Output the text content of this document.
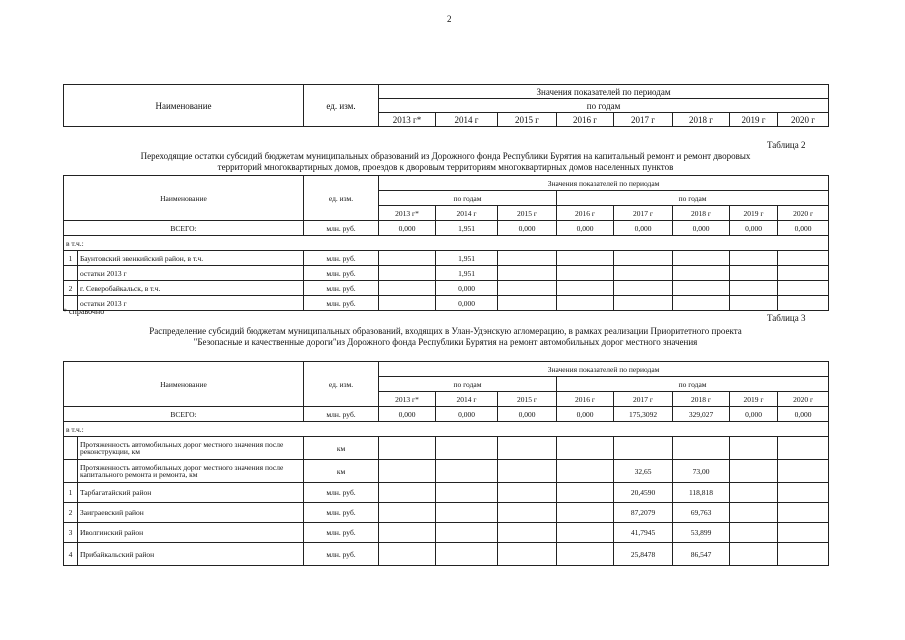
2
Наименование	ед. изм.	Значения показателей по периодам							
		по годам							
		2013 г*	2014 г	2015 г	2016 г	2017 г	2018 г	2019 г	2020 г
Таблица 2
Переходящие остатки субсидий бюджетам муниципальных образований из Дорожного фонда Республики Бурятия на капитальный ремонт и ремонт дворовых
территорий многоквартирных домов, проездов к дворовым территориям многоквартирных домов населенных пунктов
Наименование		ед. изм.	Значения показателей по периодам							
			по годам			по годам				
			2013 г*	2014 г	2015 г	2016 г	2017 г	2018 г	2019 г	2020 г
ВСЕГО:		млн. руб.	0,000	1,951	0,000	0,000	0,000	0,000	0,000	0,000
в т.ч.:										
1	Баунтовский эвенкийский район, в т.ч.	млн. руб.		1,951						
	остатки 2013 г	млн. руб.		1,951						
2	г. Северобайкальск, в т.ч.	млн. руб.		0,000						
	остатки 2013 г	млн. руб.		0,000						
* справочно
Таблица 3
Распределение субсидий бюджетам муниципальных образований, входящих в Улан-Удэнскую агломерацию, в рамках реализации Приоритетного проекта
"Безопасные и качественные дороги"из Дорожного фонда Республики Бурятия на ремонт автомобильных дорог местного значения
Наименование		ед. изм.	Значения показателей по периодам							
			по годам			по годам				
			2013 г*	2014 г	2015 г	2016 г	2017 г	2018 г	2019 г	2020 г
ВСЕГО:		млн. руб.	0,000	0,000	0,000	0,000	175,3092	329,027	0,000	0,000
в т.ч.:										
	Протяженность автомобильных дорог местного значения после реконструкции, км	км								
	Протяженность автомобильных дорог местного значения после капитального ремонта и ремонта, км	км					32,65	73,00		
1	Тарбагатайский район	млн. руб.					20,4590	118,818		
2	Заиграевский район	млн. руб.					87,2079	69,763		
3	Иволгинский район	млн. руб.					41,7945	53,899		
4	Прибайкальский район	млн. руб.					25,8478	86,547		
